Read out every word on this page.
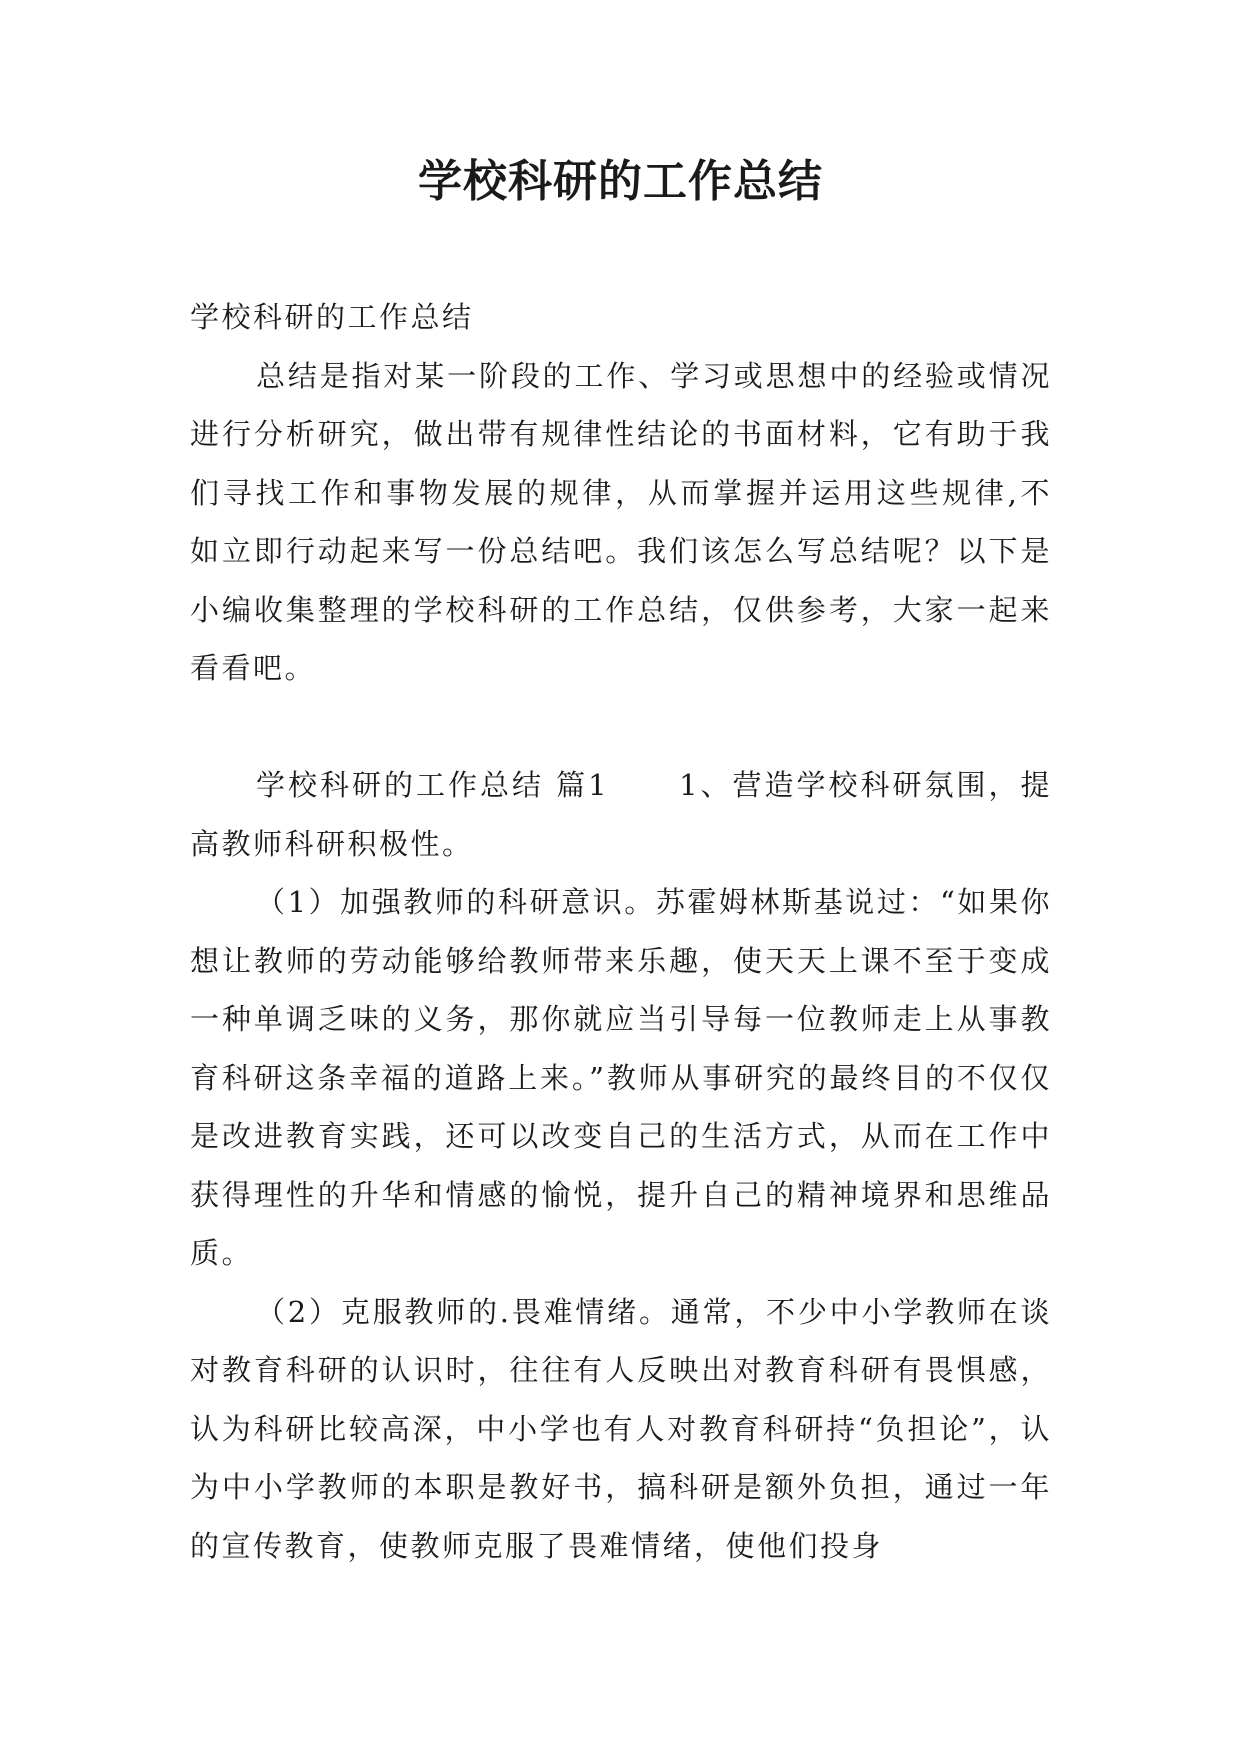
学校科研的工作总结

学校科研的工作总结

总结是指对某一阶段的工作、学习或思想中的经验或情况进行分析研究，做出带有规律性结论的书面材料，它有助于我们寻找工作和事物发展的规律，从而掌握并运用这些规律,不如立即行动起来写一份总结吧。我们该怎么写总结呢？以下是小编收集整理的学校科研的工作总结，仅供参考，大家一起来看看吧。

学校科研的工作总结 篇1 1、营造学校科研氛围，提高教师科研积极性。

（1）加强教师的科研意识。苏霍姆林斯基说过：“如果你想让教师的劳动能够给教师带来乐趣，使天天上课不至于变成一种单调乏味的义务，那你就应当引导每一位教师走上从事教育科研这条幸福的道路上来。”教师从事研究的最终目的不仅仅是改进教育实践，还可以改变自己的生活方式，从而在工作中获得理性的升华和情感的愉悦，提升自己的精神境界和思维品质。

（2）克服教师的.畏难情绪。通常，不少中小学教师在谈对教育科研的认识时，往往有人反映出对教育科研有畏惧感，认为科研比较高深，中小学也有人对教育科研持“负担论”，认为中小学教师的本职是教好书，搞科研是额外负担，通过一年的宣传教育，使教师克服了畏难情绪，使他们投身
